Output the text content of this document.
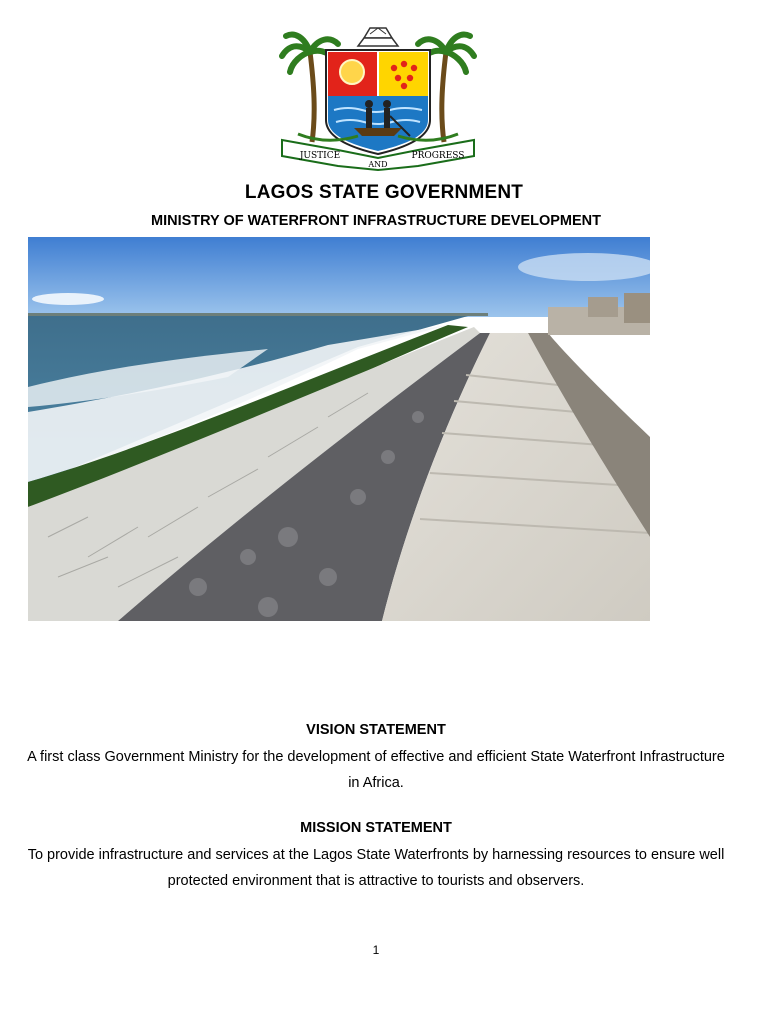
JUSTICE
AND
PROGRESS
LAGOS STATE GOVERNMENT
MINISTRY OF WATERFRONT INFRASTRUCTURE DEVELOPMENT
VISION STATEMENT
A first class Government Ministry for the development of effective and efficient State Waterfront Infrastructure in Africa.
MISSION STATEMENT
To provide infrastructure and services at the Lagos State Waterfronts by harnessing resources to ensure well protected environment that is attractive to tourists and observers.
1
